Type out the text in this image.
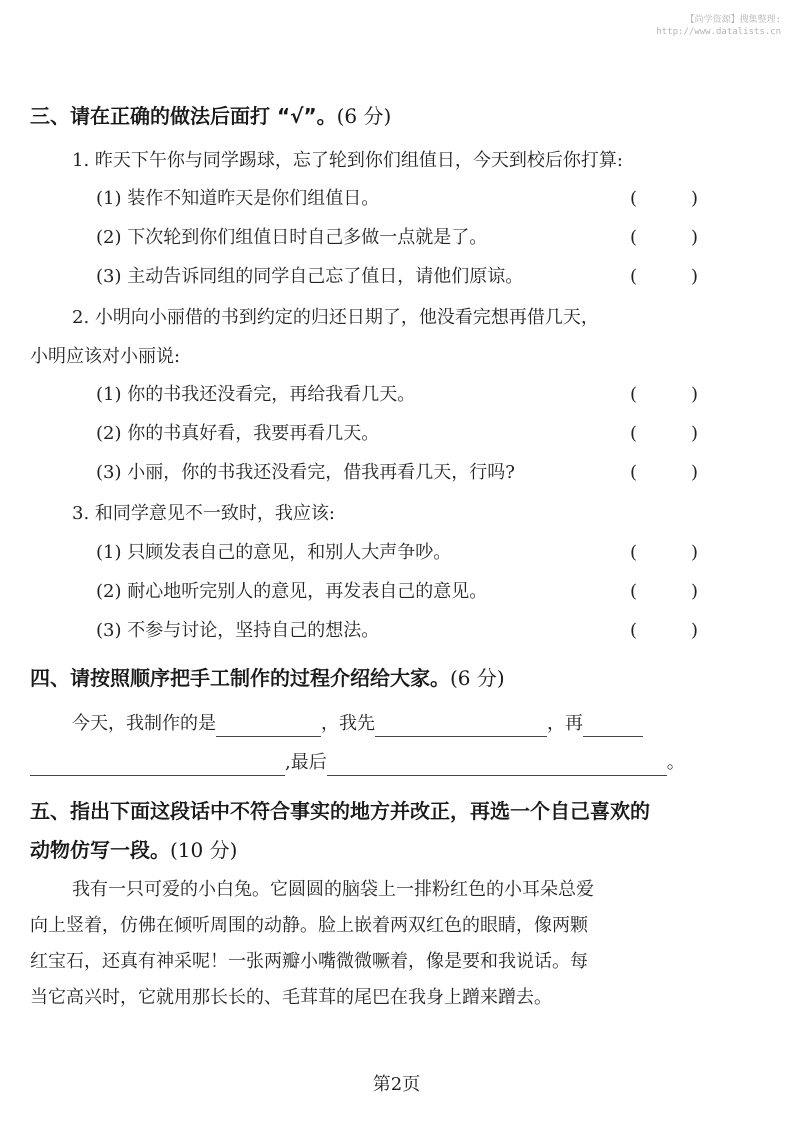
【尚学资源】搜集整理:
http://www.datalists.cn
三、请在正确的做法后面打 “√”。(6 分)
1. 昨天下午你与同学踢球，忘了轮到你们组值日，今天到校后你打算:
(1) 装作不知道昨天是你们组值日。	(	)
(2) 下次轮到你们组值日时自己多做一点就是了。	(	)
(3) 主动告诉同组的同学自己忘了值日，请他们原谅。	(	)
2. 小明向小丽借的书到约定的归还日期了，他没看完想再借几天，
小明应该对小丽说:
(1) 你的书我还没看完，再给我看几天。	(	)
(2) 你的书真好看，我要再看几天。	(	)
(3) 小丽，你的书我还没看完，借我再看几天，行吗?	(	)
3. 和同学意见不一致时，我应该:
(1) 只顾发表自己的意见，和别人大声争吵。	(	)
(2) 耐心地听完别人的意见，再发表自己的意见。	(	)
(3) 不参与讨论，坚持自己的想法。	(	)
四、请按照顺序把手工制作的过程介绍给大家。(6 分)
今天，我制作的是	，我先	，再
,最后	。
五、指出下面这段话中不符合事实的地方并改正，再选一个自己喜欢的
动物仿写一段。(10 分)
我有一只可爱的小白兔。它圆圆的脑袋上一排粉红色的小耳朵总爱
向上竖着，仿佛在倾听周围的动静。脸上嵌着两双红色的眼睛，像两颗
红宝石，还真有神采呢！一张两瓣小嘴微微噘着，像是要和我说话。每
当它高兴时，它就用那长长的、毛茸茸的尾巴在我身上蹭来蹭去。
第2页
